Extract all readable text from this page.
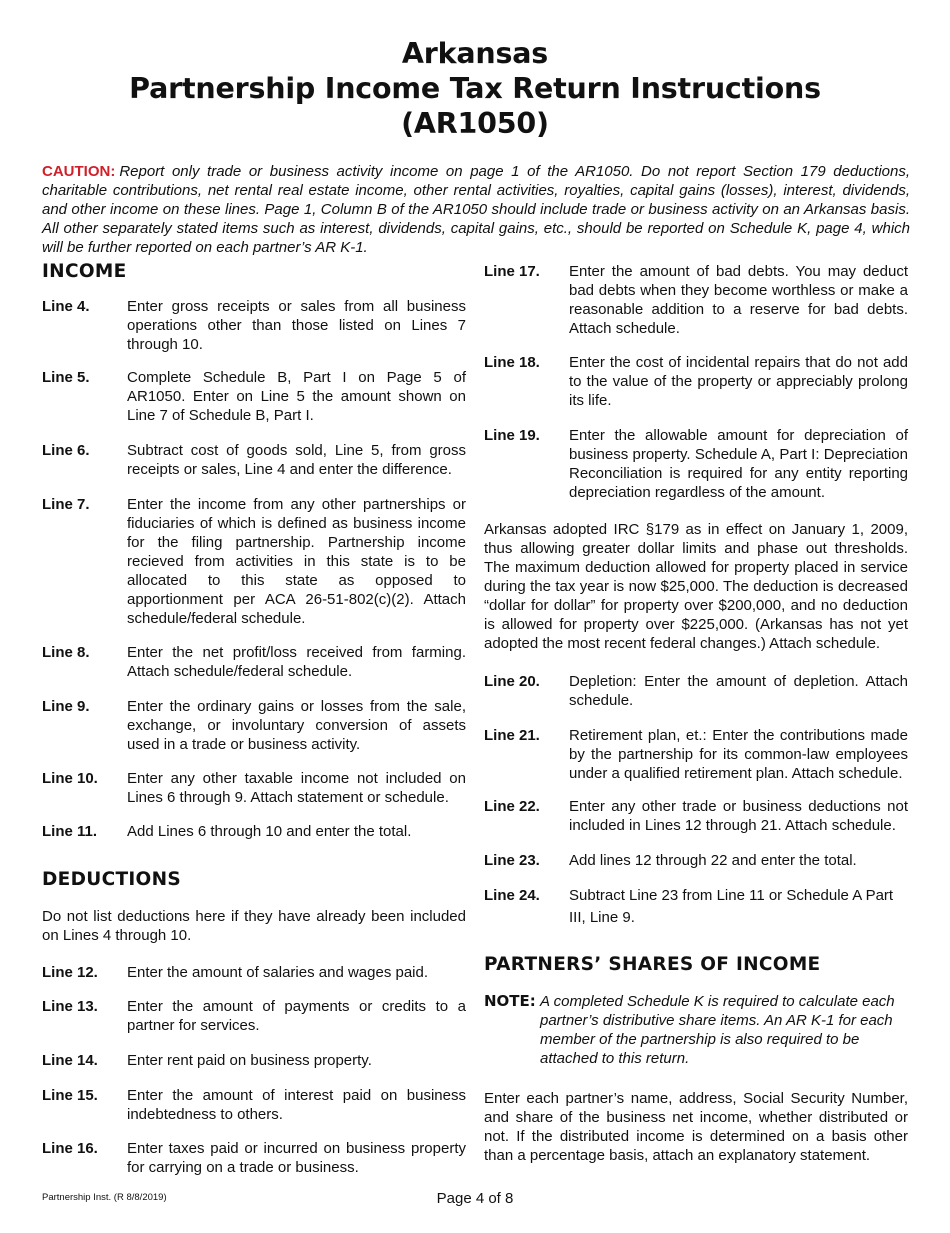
Arkansas
Partnership Income Tax Return Instructions
(AR1050)

CAUTION: Report only trade or business activity income on page 1 of the AR1050. Do not report Section 179 deductions, charitable contributions, net rental real estate income, other rental activities, royalties, capital gains (losses), interest, dividends, and other income on these lines. Page 1, Column B of the AR1050 should include trade or business activity on an Arkansas basis. All other separately stated items such as interest, dividends, capital gains, etc., should be reported on Schedule K, page 4, which will be further reported on each partner’s AR K-1.

INCOME
Line 4.	Enter gross receipts or sales from all business operations other than those listed on Lines 7 through 10.
Line 5.	Complete Schedule B, Part I on Page 5 of AR1050. Enter on Line 5 the amount shown on Line 7 of Schedule B, Part I.
Line 6.	Subtract cost of goods sold, Line 5, from gross receipts or sales, Line 4 and enter the difference.
Line 7.	Enter the income from any other partnerships or fiduciaries of which is defined as business income for the filing partnership. Partnership income recieved from activities in this state is to be allocated to this state as opposed to apportionment per ACA 26-51-802(c)(2). Attach schedule/federal schedule.
Line 8.	Enter the net profit/loss received from farming. Attach schedule/federal schedule.
Line 9.	Enter the ordinary gains or losses from the sale, exchange, or involuntary conversion of assets used in a trade or business activity.
Line 10.	Enter any other taxable income not included on Lines 6 through 9. Attach statement or schedule.
Line 11.	Add Lines 6 through 10 and enter the total.
DEDUCTIONS

Do not list deductions here if they have already been included on Lines 4 through 10.

Line 12.	Enter the amount of salaries and wages paid.
Line 13.	Enter the amount of payments or credits to a partner for services.
Line 14.	Enter rent paid on business property.
Line 15.	Enter the amount of interest paid on business indebtedness to others.
Line 16.	Enter taxes paid or incurred on business property for carrying on a trade or business.
Line 17.	Enter the amount of bad debts. You may deduct bad debts when they become worthless or make a reasonable addition to a reserve for bad debts. Attach schedule.
Line 18.	Enter the cost of incidental repairs that do not add to the value of the property or appreciably prolong its life.
Line 19.	Enter the allowable amount for depreciation of business property. Schedule A, Part I: Depreciation Reconciliation is required for any entity reporting depreciation regardless of the amount.

Arkansas adopted IRC §179 as in effect on January 1, 2009, thus allowing greater dollar limits and phase out thresholds. The maximum deduction allowed for property placed in service during the tax year is now $25,000. The deduction is decreased “dollar for dollar” for property over $200,000, and no deduction is allowed for property over $225,000. (Arkansas has not yet adopted the most recent federal changes.) Attach schedule.

Line 20.	Depletion: Enter the amount of depletion. Attach schedule.
Line 21.	Retirement plan, et.: Enter the contributions made by the partnership for its common-law employees under a qualified retirement plan. Attach schedule.
Line 22.	Enter any other trade or business deductions not included in Lines 12 through 21. Attach schedule.
Line 23.	Add lines 12 through 22 and enter the total.
Line 24.	Subtract Line 23 from Line 11 or Schedule A Part III, Line 9.
PARTNERS’ SHARES OF INCOME
NOTE: A completed Schedule K is required to calculate each partner’s distributive share items. An AR K-1 for each member of the partnership is also required to be attached to this return.

Enter each partner’s name, address, Social Security Number, and share of the business net income, whether distributed or not. If the distributed income is determined on a basis other than a percentage basis, attach an explanatory statement.

Partnership Inst. (R 8/8/2019)	Page 4 of 8
